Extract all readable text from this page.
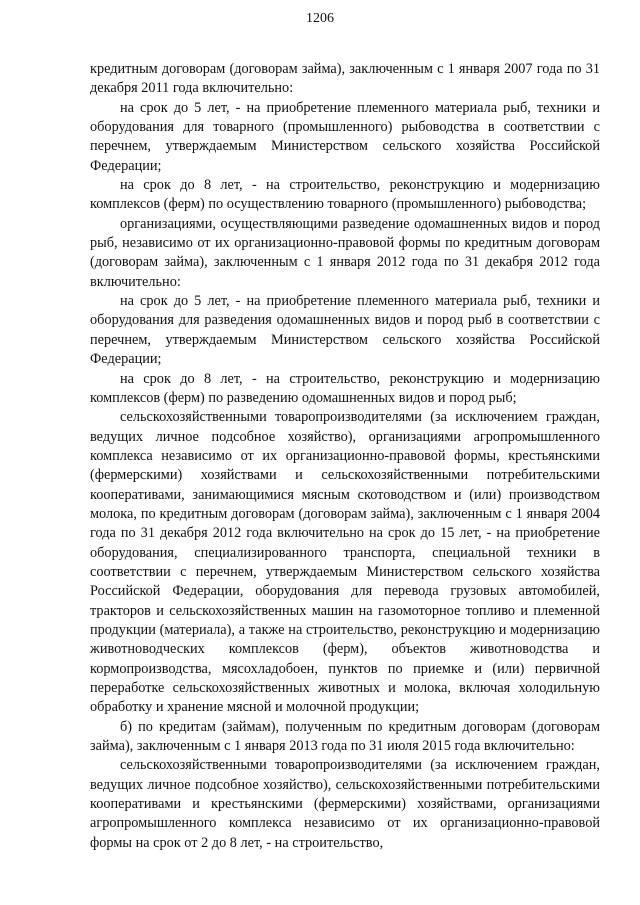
1206

кредитным договорам (договорам займа), заключенным с 1 января 2007 года по 31 декабря 2011 года включительно:

на срок до 5 лет, - на приобретение племенного материала рыб, техники и оборудования для товарного (промышленного) рыбоводства в соответствии с перечнем, утверждаемым Министерством сельского хозяйства Российской Федерации;

на срок до 8 лет, - на строительство, реконструкцию и модернизацию комплексов (ферм) по осуществлению товарного (промышленного) рыбоводства;

организациями, осуществляющими разведение одомашненных видов и пород рыб, независимо от их организационно-правовой формы по кредитным договорам (договорам займа), заключенным с 1 января 2012 года по 31 декабря 2012 года включительно:

на срок до 5 лет, - на приобретение племенного материала рыб, техники и оборудования для разведения одомашненных видов и пород рыб в соответствии с перечнем, утверждаемым Министерством сельского хозяйства Российской Федерации;

на срок до 8 лет, - на строительство, реконструкцию и модернизацию комплексов (ферм) по разведению одомашненных видов и пород рыб;

сельскохозяйственными товаропроизводителями (за исключением граждан, ведущих личное подсобное хозяйство), организациями агропромышленного комплекса независимо от их организационно-правовой формы, крестьянскими (фермерскими) хозяйствами и сельскохозяйственными потребительскими кооперативами, занимающимися мясным скотоводством и (или) производством молока, по кредитным договорам (договорам займа), заключенным с 1 января 2004 года по 31 декабря 2012 года включительно на срок до 15 лет, - на приобретение оборудования, специализированного транспорта, специальной техники в соответствии с перечнем, утверждаемым Министерством сельского хозяйства Российской Федерации, оборудования для перевода грузовых автомобилей, тракторов и сельскохозяйственных машин на газомоторное топливо и племенной продукции (материала), а также на строительство, реконструкцию и модернизацию животноводческих комплексов (ферм), объектов животноводства и кормопроизводства, мясохладобоен, пунктов по приемке и (или) первичной переработке сельскохозяйственных животных и молока, включая холодильную обработку и хранение мясной и молочной продукции;

б) по кредитам (займам), полученным по кредитным договорам (договорам займа), заключенным с 1 января 2013 года по 31 июля 2015 года включительно:

сельскохозяйственными товаропроизводителями (за исключением граждан, ведущих личное подсобное хозяйство), сельскохозяйственными потребительскими кооперативами и крестьянскими (фермерскими) хозяйствами, организациями агропромышленного комплекса независимо от их организационно-правовой формы на срок от 2 до 8 лет, - на строительство,
